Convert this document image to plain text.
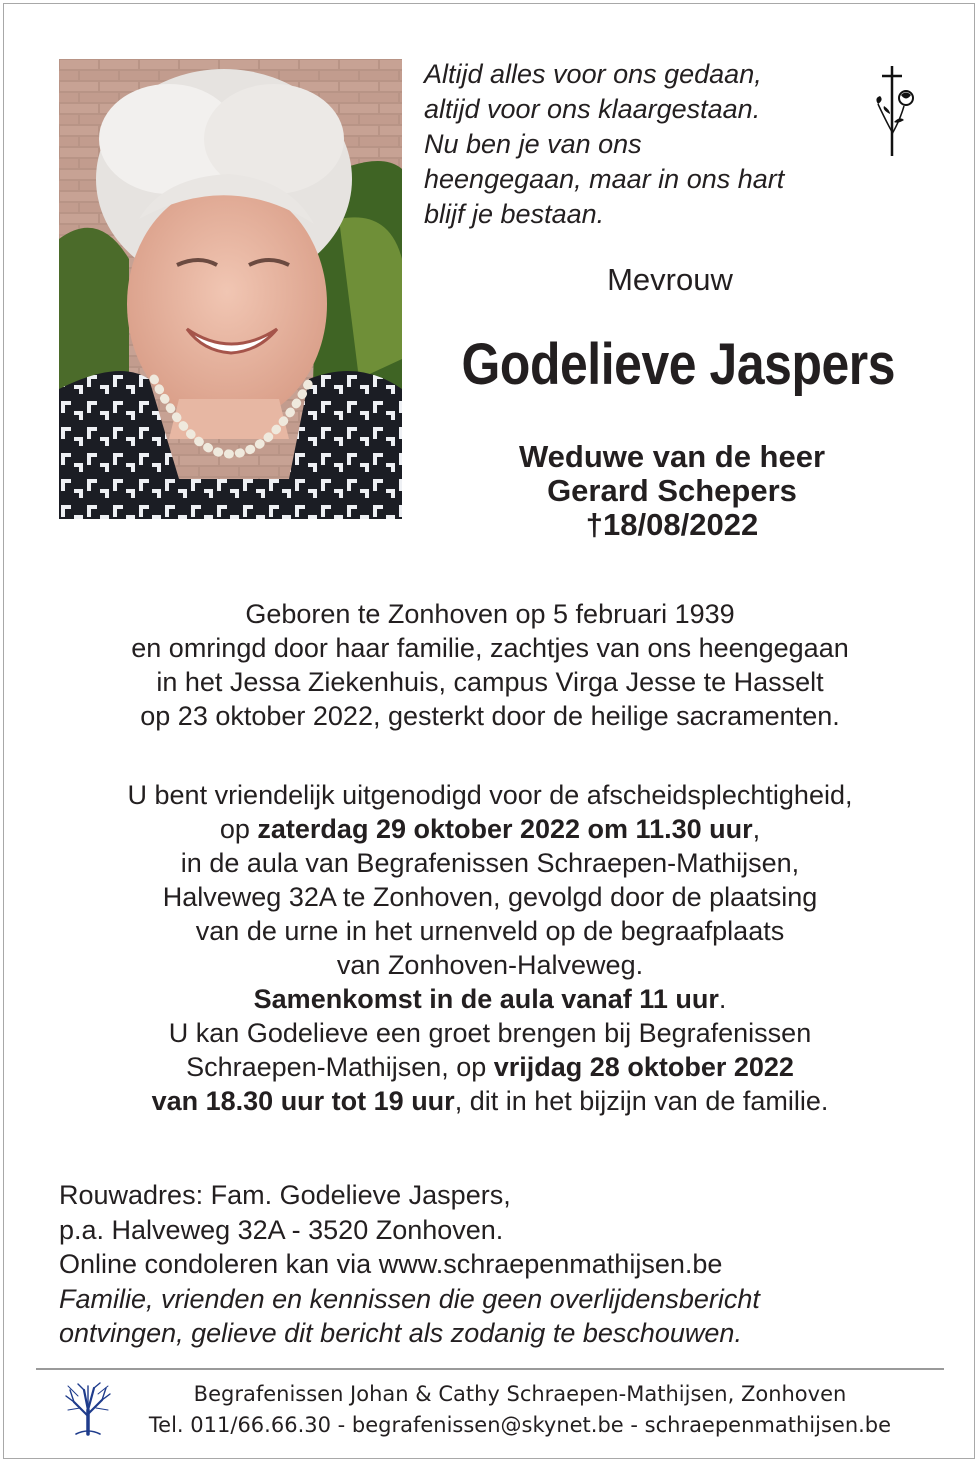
Altijd alles voor ons gedaan,
altijd voor ons klaargestaan.
Nu ben je van ons
heengegaan, maar in ons hart
blijf je bestaan.
Mevrouw
Godelieve Jaspers
Weduwe van de heer
Gerard Schepers
†18/08/2022
Geboren te Zonhoven op 5 februari 1939
en omringd door haar familie, zachtjes van ons heengegaan
in het Jessa Ziekenhuis, campus Virga Jesse te Hasselt
op 23 oktober 2022, gesterkt door de heilige sacramenten.
U bent vriendelijk uitgenodigd voor de afscheidsplechtigheid,
op zaterdag 29 oktober 2022 om 11.30 uur,
in de aula van Begrafenissen Schraepen-Mathijsen,
Halveweg 32A te Zonhoven, gevolgd door de plaatsing
van de urne in het urnenveld op de begraafplaats
van Zonhoven-Halveweg.
Samenkomst in de aula vanaf 11 uur.
U kan Godelieve een groet brengen bij Begrafenissen
Schraepen-Mathijsen, op vrijdag 28 oktober 2022
van 18.30 uur tot 19 uur, dit in het bijzijn van de familie.
Rouwadres: Fam. Godelieve Jaspers,
p.a. Halveweg 32A - 3520 Zonhoven.
Online condoleren kan via www.schraepenmathijsen.be
Familie, vrienden en kennissen die geen overlijdensbericht
ontvingen, gelieve dit bericht als zodanig te beschouwen.
Begrafenissen Johan & Cathy Schraepen-Mathijsen, Zonhoven
Tel. 011/66.66.30 - begrafenissen@skynet.be - schraepenmathijsen.be
